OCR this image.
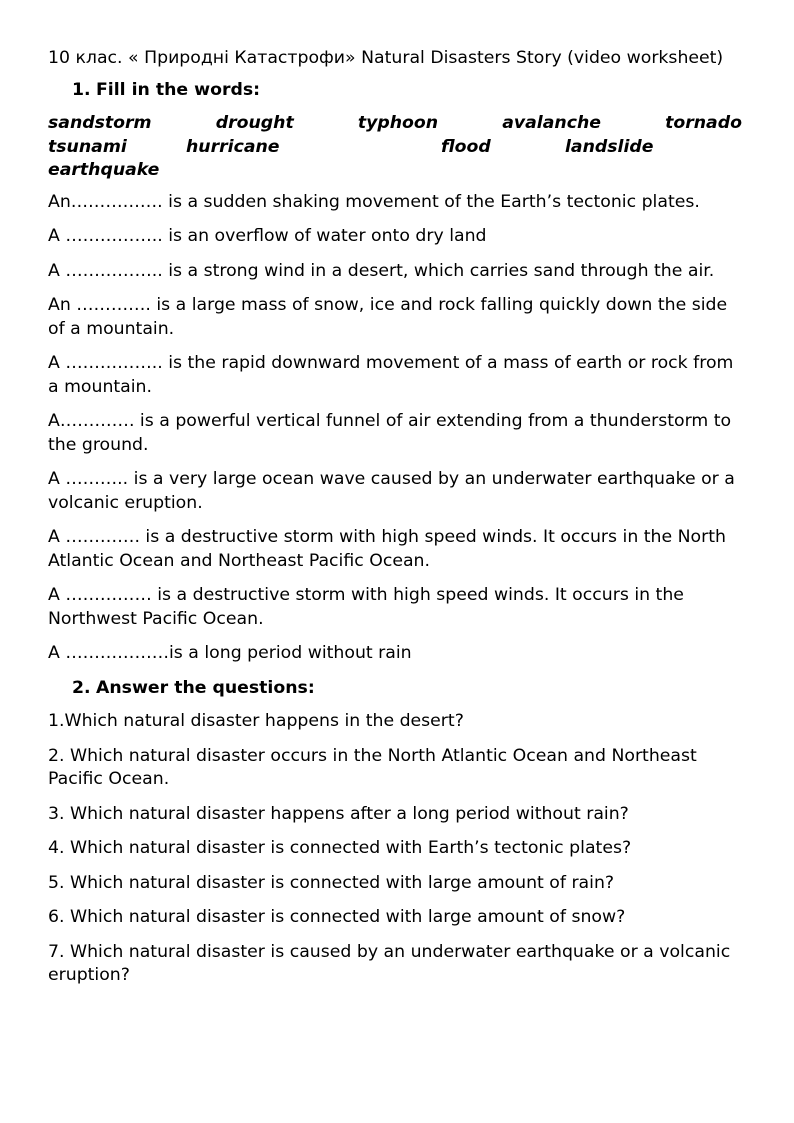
10 клас. « Природні Катастрофи» Natural Disasters Story (video worksheet)
1. Fill in the words:
sandstorm	drought	typhoon	avalanche	tornado
tsunami	hurricane	flood	landslide
earthquake
An……………. is a sudden shaking movement of the Earth’s tectonic plates.
A …………….. is an overflow of water onto dry land
A …………….. is a strong wind in a desert, which carries sand through the air.
An …………. is a large mass of snow, ice and rock falling quickly down the side of a mountain.
A …………….. is the rapid downward movement of a mass of earth or rock from a mountain.
A…………. is a powerful vertical funnel of air extending from a thunderstorm to the ground.
A ……….. is a very large ocean wave caused by an underwater earthquake or a volcanic eruption.
A …………. is a destructive storm with high speed winds. It occurs in the North Atlantic Ocean and Northeast Pacific Ocean.
A …………… is a destructive storm with high speed winds. It occurs in the Northwest Pacific Ocean.
A ………………is a long period without rain
2. Answer the questions:
1.Which natural disaster happens in the desert?
2. Which natural disaster occurs in the North Atlantic Ocean and Northeast Pacific Ocean.
3. Which natural disaster happens after a long period without rain?
4. Which natural disaster is connected with Earth’s tectonic plates?
5. Which natural disaster is connected with large amount of rain?
6. Which natural disaster is connected with large amount of snow?
7. Which natural disaster is caused by an underwater earthquake or a volcanic eruption?
